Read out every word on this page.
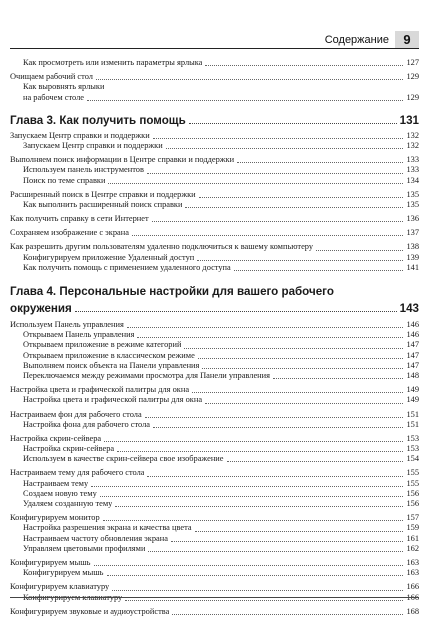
Содержание	9
Как просмотреть или изменить параметры ярлыка	127
Очищаем рабочий стол	129
Как выровнять ярлыки
на рабочем столе	129
Глава 3. Как получить помощь	131
Запускаем Центр справки и поддержки	132
Запускаем Центр справки и поддержки	132
Выполняем поиск информации в Центре справки и поддержки	133
Используем панель инструментов	133
Поиск по теме справки	134
Расширенный поиск в Центре справки и поддержки	135
Как выполнить расширенный поиск справки	135
Как получить справку в сети Интернет	136
Сохраняем изображение с экрана	137
Как разрешить другим пользователям удаленно подключиться к вашему компьютеру	138
Конфигурируем приложение Удаленный доступ	139
Как получить помощь с применением удаленного доступа	141
Глава 4. Персональные настройки для вашего рабочего
окружения	143
Используем Панель управления	146
Открываем Панель управления	146
Открываем приложение в режиме категорий	147
Открываем приложение в классическом режиме	147
Выполняем поиск объекта на Панели управления	147
Переключаемся между режимами просмотра для Панели управления	148
Настройка цвета и графической палитры для окна	149
Настройка цвета и графической палитры для окна	149
Настраиваем фон для рабочего стола	151
Настройка фона для рабочего стола	151
Настройка скрин-сейвера	153
Настройка скрин-сейвера	153
Используем в качестве скрин-сейвера свое изображение	154
Настраиваем тему для рабочего стола	155
Настраиваем тему	155
Создаем новую тему	156
Удаляем созданную тему	156
Конфигурируем монитор	157
Настройка разрешения экрана и качества цвета	159
Настраиваем частоту обновления экрана	161
Управляем цветовыми профилями	162
Конфигурируем мышь	163
Конфигурируем мышь	163
Конфигурируем клавиатуру	166
Конфигурируем клавиатуру	166
Конфигурируем звуковые и аудиоустройства	168
